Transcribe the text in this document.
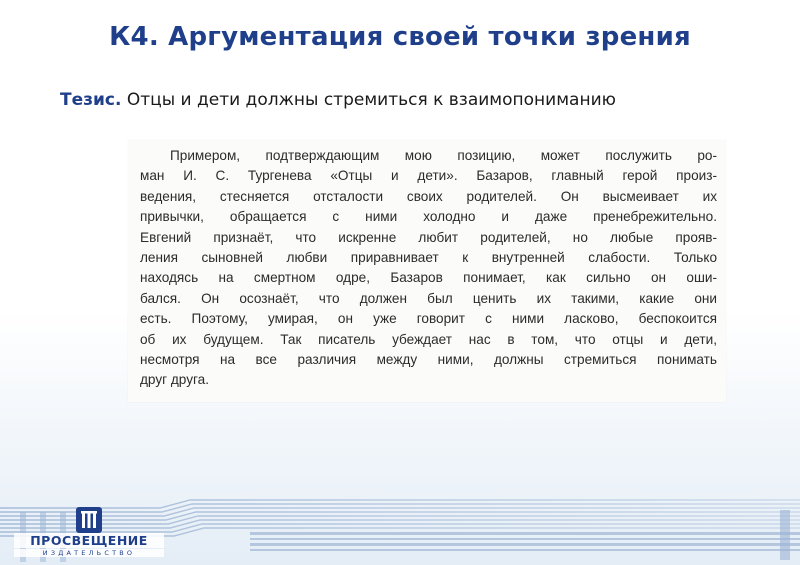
К4. Аргументация своей точки зрения
Тезис. Отцы и дети должны стремиться к взаимопониманию
Примером, подтверждающим мою позицию, может послужить ро-
ман И. С. Тургенева «Отцы и дети». Базаров, главный герой произ-
ведения, стесняется отсталости своих родителей. Он высмеивает их
привычки, обращается с ними холодно и даже пренебрежительно.
Евгений признаёт, что искренне любит родителей, но любые прояв-
ления сыновней любви приравнивает к внутренней слабости. Только
находясь на смертном одре, Базаров понимает, как сильно он оши-
бался. Он осознаёт, что должен был ценить их такими, какие они
есть. Поэтому, умирая, он уже говорит с ними ласково, беспокоится
об их будущем. Так писатель убеждает нас в том, что отцы и дети,
несмотря на все различия между ними, должны стремиться понимать
друг друга.
ПРОСВЕЩЕНИЕ
ИЗДАТЕЛЬСТВО
